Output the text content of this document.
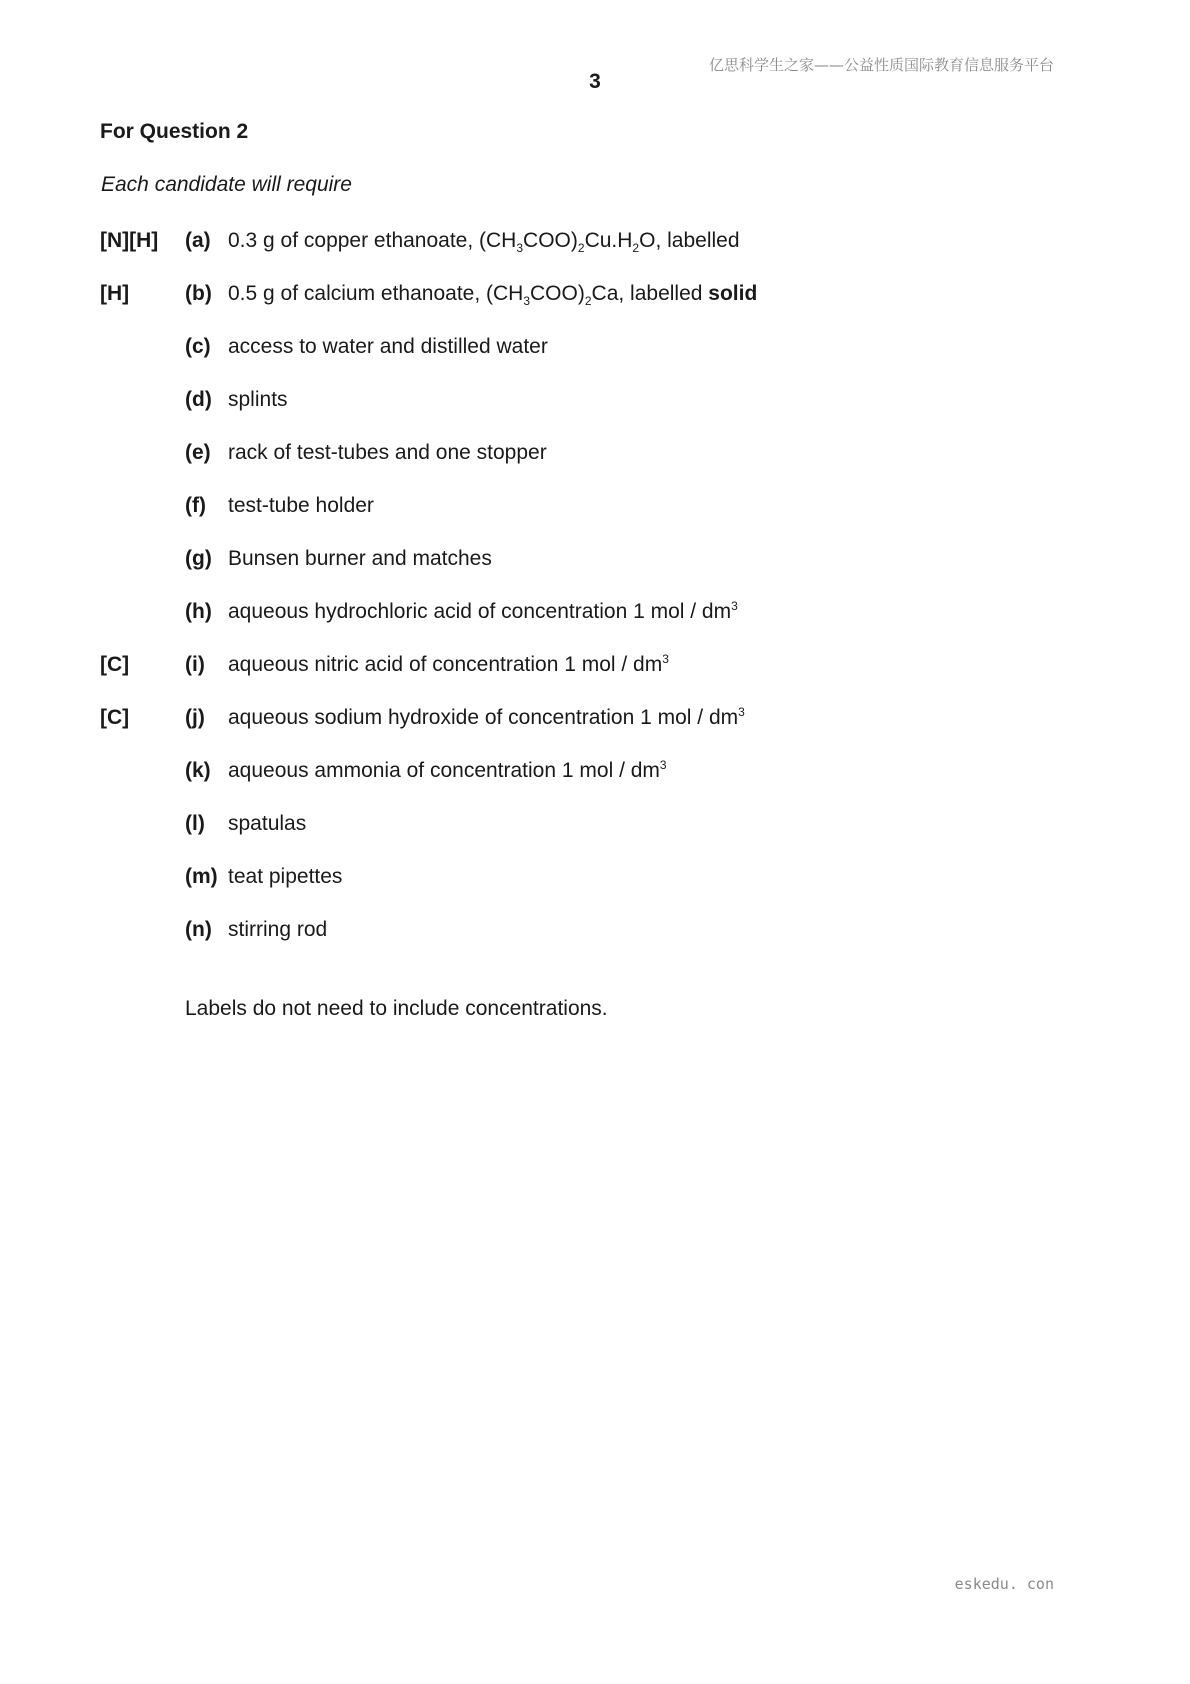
亿思科学生之家——公益性质国际教育信息服务平台
3
For Question 2
Each candidate will require
[N][H] (a) 0.3 g of copper ethanoate, $(CH_3COO)_2Cu.H_2O$, labelled
[H]	(b) 0.5 g of calcium ethanoate, $(CH_3COO)_2Ca$, labelled solid
(c) access to water and distilled water
(d) splints
(e) rack of test-tubes and one stopper
(f) test-tube holder
(g) Bunsen burner and matches
(h) aqueous hydrochloric acid of concentration 1 mol / $dm^3$
[C]	(i) aqueous nitric acid of concentration 1 mol / $dm^3$
[C]	(j) aqueous sodium hydroxide of concentration 1 mol / $dm^3$
(k) aqueous ammonia of concentration 1 mol / $dm^3$
(l) spatulas
(m) teat pipettes
(n) stirring rod
Labels do not need to include concentrations.
eskedu. con
